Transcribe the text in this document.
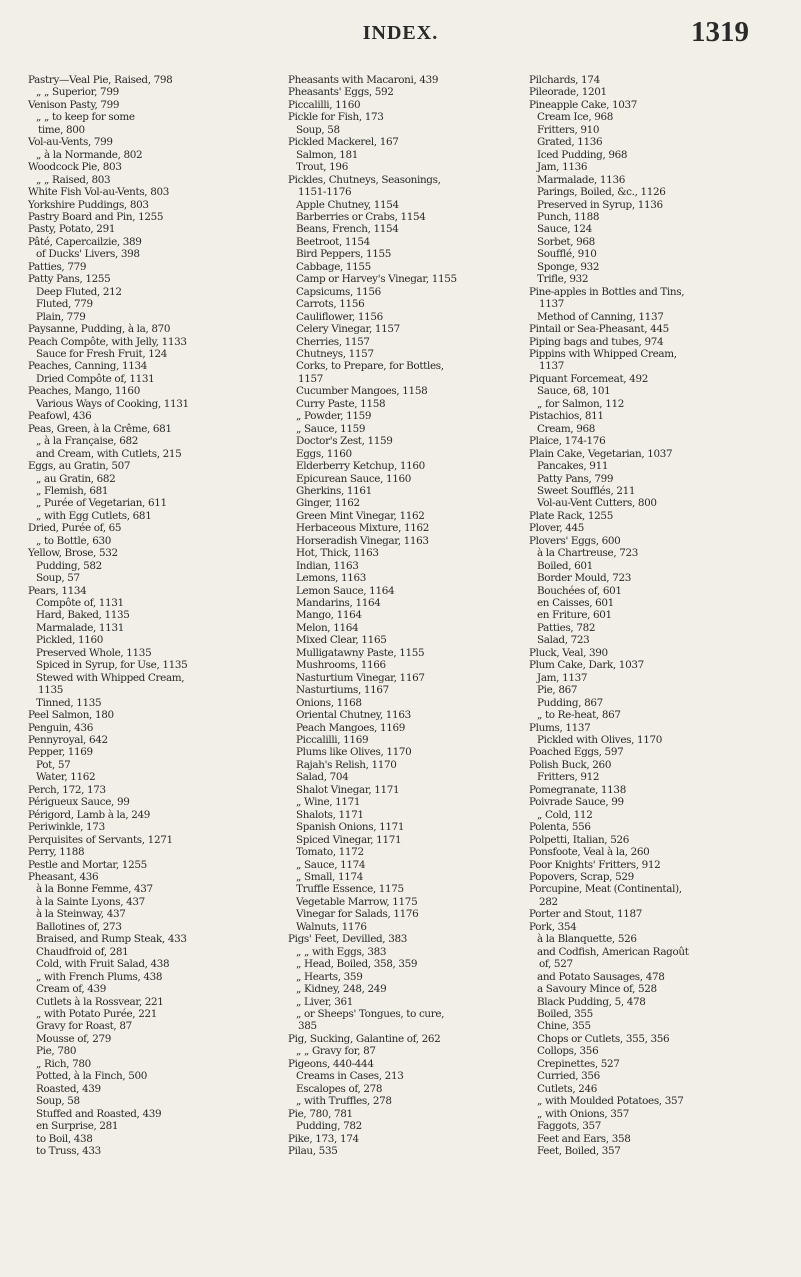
INDEX.	1319
Pastry—Veal Pie, Raised, 798
„ „ Superior, 799
Venison Pasty, 799
„ „ to keep for some
time, 800
Vol-au-Vents, 799
„ à la Normande, 802
Woodcock Pie, 803
„ „ Raised, 803
White Fish Vol-au-Vents, 803
Yorkshire Puddings, 803
Pastry Board and Pin, 1255
Pasty, Potato, 291
Pâté, Capercailzie, 389
of Ducks' Livers, 398
Patties, 779
Patty Pans, 1255
Deep Fluted, 212
Fluted, 779
Plain, 779
Paysanne, Pudding, à la, 870
Peach Compôte, with Jelly, 1133
Sauce for Fresh Fruit, 124
Peaches, Canning, 1134
Dried Compôte of, 1131
Peaches, Mango, 1160
Various Ways of Cooking, 1131
Peafowl, 436
Peas, Green, à la Crême, 681
„ à la Française, 682
and Cream, with Cutlets, 215
Eggs, au Gratin, 507
„ au Gratin, 682
„ Flemish, 681
„ Purée of Vegetarian, 611
„ with Egg Cutlets, 681
Dried, Purée of, 65
„ to Bottle, 630
Yellow, Brose, 532
Pudding, 582
Soup, 57
Pears, 1134
Compôte of, 1131
Hard, Baked, 1135
Marmalade, 1131
Pickled, 1160
Preserved Whole, 1135
Spiced in Syrup, for Use, 1135
Stewed with Whipped Cream,
1135
Tinned, 1135
Peel Salmon, 180
Penguin, 436
Pennyroyal, 642
Pepper, 1169
Pot, 57
Water, 1162
Perch, 172, 173
Périgueux Sauce, 99
Périgord, Lamb à la, 249
Periwinkle, 173
Perquisites of Servants, 1271
Perry, 1188
Pestle and Mortar, 1255
Pheasant, 436
à la Bonne Femme, 437
à la Sainte Lyons, 437
à la Steinway, 437
Ballotines of, 273
Braised, and Rump Steak, 433
Chaudfroid of, 281
Cold, with Fruit Salad, 438
„ with French Plums, 438
Cream of, 439
Cutlets à la Rossvear, 221
„ with Potato Purée, 221
Gravy for Roast, 87
Mousse of, 279
Pie, 780
„ Rich, 780
Potted, à la Finch, 500
Roasted, 439
Soup, 58
Stuffed and Roasted, 439
en Surprise, 281
to Boil, 438
to Truss, 433
Pheasants with Macaroni, 439
Pheasants' Eggs, 592
Piccalilli, 1160
Pickle for Fish, 173
Soup, 58
Pickled Mackerel, 167
Salmon, 181
Trout, 196
Pickles, Chutneys, Seasonings,
1151-1176
Apple Chutney, 1154
Barberries or Crabs, 1154
Beans, French, 1154
Beetroot, 1154
Bird Peppers, 1155
Cabbage, 1155
Camp or Harvey's Vinegar, 1155
Capsicums, 1156
Carrots, 1156
Cauliflower, 1156
Celery Vinegar, 1157
Cherries, 1157
Chutneys, 1157
Corks, to Prepare, for Bottles,
1157
Cucumber Mangoes, 1158
Curry Paste, 1158
„ Powder, 1159
„ Sauce, 1159
Doctor's Zest, 1159
Eggs, 1160
Elderberry Ketchup, 1160
Epicurean Sauce, 1160
Gherkins, 1161
Ginger, 1162
Green Mint Vinegar, 1162
Herbaceous Mixture, 1162
Horseradish Vinegar, 1163
Hot, Thick, 1163
Indian, 1163
Lemons, 1163
Lemon Sauce, 1164
Mandarins, 1164
Mango, 1164
Melon, 1164
Mixed Clear, 1165
Mulligatawny Paste, 1155
Mushrooms, 1166
Nasturtium Vinegar, 1167
Nasturtiums, 1167
Onions, 1168
Oriental Chutney, 1163
Peach Mangoes, 1169
Piccalilli, 1169
Plums like Olives, 1170
Rajah's Relish, 1170
Salad, 704
Shalot Vinegar, 1171
„ Wine, 1171
Shalots, 1171
Spanish Onions, 1171
Spiced Vinegar, 1171
Tomato, 1172
„ Sauce, 1174
„ Small, 1174
Truffle Essence, 1175
Vegetable Marrow, 1175
Vinegar for Salads, 1176
Walnuts, 1176
Pigs' Feet, Devilled, 383
„ „ with Eggs, 383
„ Head, Boiled, 358, 359
„ Hearts, 359
„ Kidney, 248, 249
„ Liver, 361
„ or Sheeps' Tongues, to cure,
385
Pig, Sucking, Galantine of, 262
„ „ Gravy for, 87
Pigeons, 440-444
Creams in Cases, 213
Escalopes of, 278
„ with Truffles, 278
Pie, 780, 781
Pudding, 782
Pike, 173, 174
Pilau, 535
Pilchards, 174
Pileorade, 1201
Pineapple Cake, 1037
Cream Ice, 968
Fritters, 910
Grated, 1136
Iced Pudding, 968
Jam, 1136
Marmalade, 1136
Parings, Boiled, &c., 1126
Preserved in Syrup, 1136
Punch, 1188
Sauce, 124
Sorbet, 968
Soufflé, 910
Sponge, 932
Trifle, 932
Pine-apples in Bottles and Tins,
1137
Method of Canning, 1137
Pintail or Sea-Pheasant, 445
Piping bags and tubes, 974
Pippins with Whipped Cream,
1137
Piquant Forcemeat, 492
Sauce, 68, 101
„ for Salmon, 112
Pistachios, 811
Cream, 968
Plaice, 174-176
Plain Cake, Vegetarian, 1037
Pancakes, 911
Patty Pans, 799
Sweet Soufflés, 211
Vol-au-Vent Cutters, 800
Plate Rack, 1255
Plover, 445
Plovers' Eggs, 600
à la Chartreuse, 723
Boiled, 601
Border Mould, 723
Bouchées of, 601
en Caisses, 601
en Friture, 601
Patties, 782
Salad, 723
Pluck, Veal, 390
Plum Cake, Dark, 1037
Jam, 1137
Pie, 867
Pudding, 867
„ to Re-heat, 867
Plums, 1137
Pickled with Olives, 1170
Poached Eggs, 597
Polish Buck, 260
Fritters, 912
Pomegranate, 1138
Poivrade Sauce, 99
„ Cold, 112
Polenta, 556
Polpetti, Italian, 526
Ponsfoote, Veal à la, 260
Poor Knights' Fritters, 912
Popovers, Scrap, 529
Porcupine, Meat (Continental),
282
Porter and Stout, 1187
Pork, 354
à la Blanquette, 526
and Codfish, American Ragoût
of, 527
and Potato Sausages, 478
a Savoury Mince of, 528
Black Pudding, 5, 478
Boiled, 355
Chine, 355
Chops or Cutlets, 355, 356
Collops, 356
Crepinettes, 527
Curried, 356
Cutlets, 246
„ with Moulded Potatoes, 357
„ with Onions, 357
Faggots, 357
Feet and Ears, 358
Feet, Boiled, 357
